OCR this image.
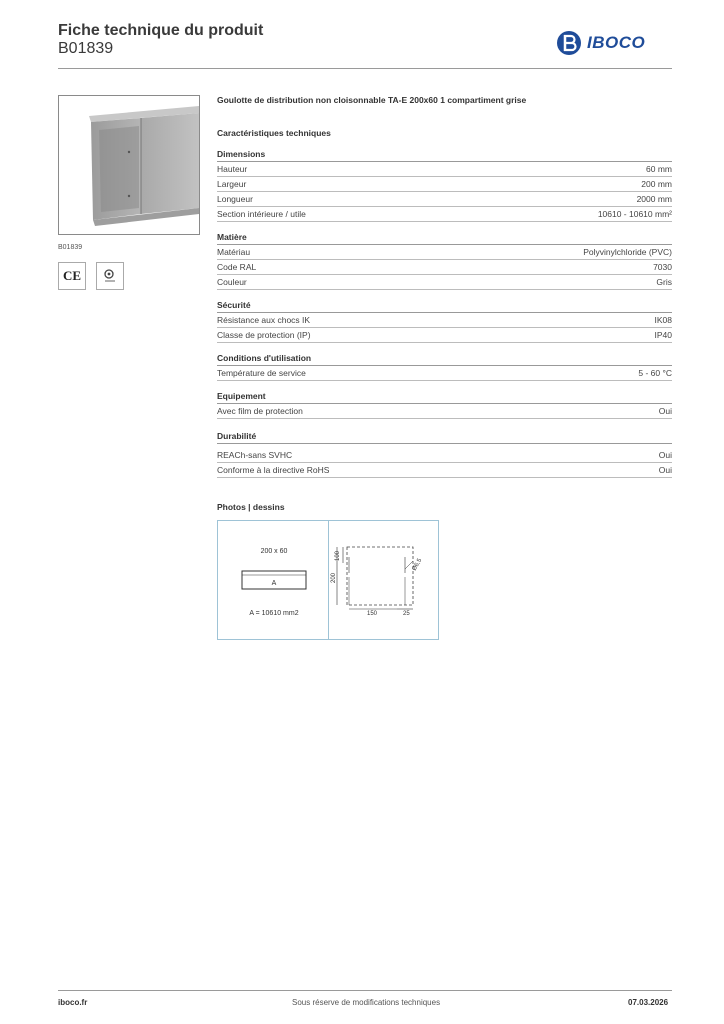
Fiche technique du produit
B01839	IBOCO
B01839
CE
Goulotte de distribution non cloisonnable TA-E 200x60 1 compartiment grise
Caractéristiques techniques
Dimensions
Hauteur	60 mm
Largeur	200 mm
Longueur	2000 mm
Section intérieure / utile	10610 - 10610 mm²
Matière
Matériau	Polyvinylchloride (PVC)
Code RAL	7030
Couleur	Gris
Sécurité
Résistance aux chocs IK	IK08
Classe de protection (IP)	IP40
Conditions d'utilisation
Température de service	5 - 60 °C
Equipement
Avec film de protection	Oui
Durabilité
REACh-sans SVHC	Oui
Conforme à la directive RoHS	Oui
Photos | dessins
200 x 60
A
A = 10610 mm2
100
200
Ø6,5
150	25
iboco.fr	Sous réserve de modifications techniques	07.03.2026
